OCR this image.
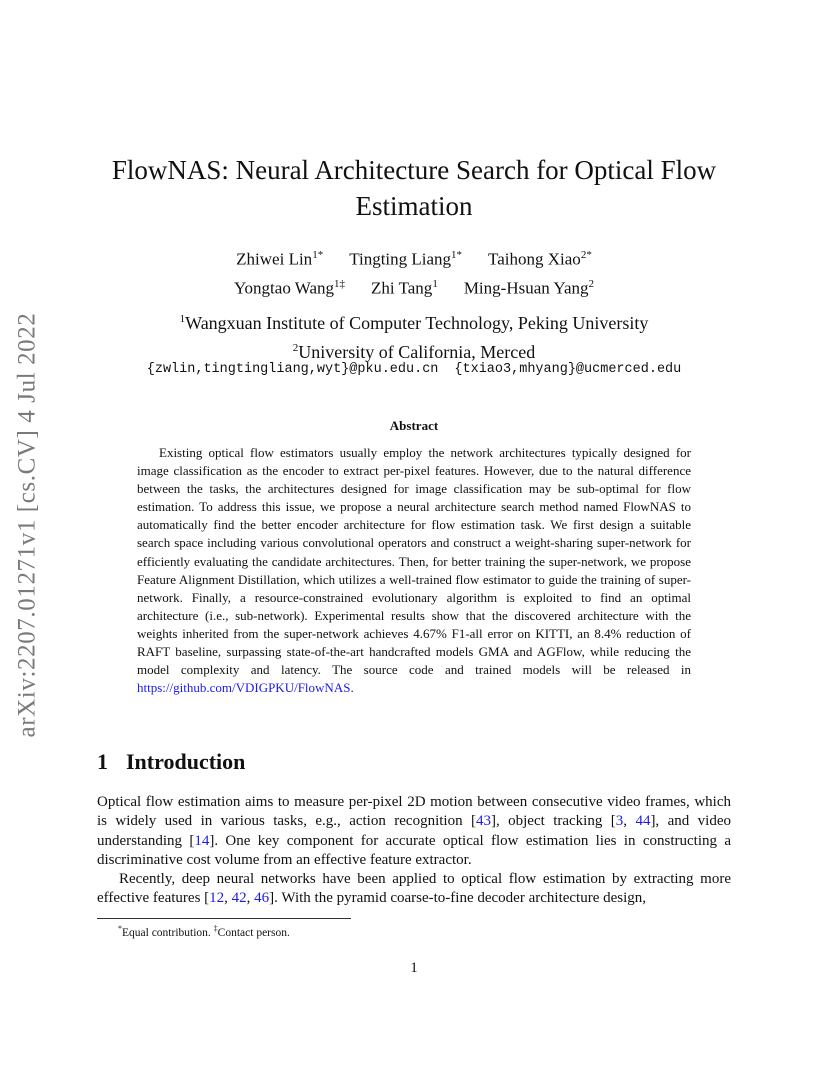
arXiv:2207.01271v1 [cs.CV] 4 Jul 2022
FlowNAS: Neural Architecture Search for Optical Flow Estimation
Zhiwei Lin$^{1*}$ Tingting Liang$^{1*}$ Taihong Xiao$^{2*}$
Yongtao Wang$^{1\ddagger}$ Zhi Tang$^1$ Ming-Hsuan Yang$^2$
$^1$Wangxuan Institute of Computer Technology, Peking University
$^2$University of California, Merced
{zwlin,tingtingliang,wyt}@pku.edu.cn {txiao3,mhyang}@ucmerced.edu
Abstract

Existing optical flow estimators usually employ the network architectures typically designed for image classification as the encoder to extract per-pixel features. However, due to the natural difference between the tasks, the architectures designed for image classification may be sub-optimal for flow estimation. To address this issue, we propose a neural architecture search method named FlowNAS to automatically find the better encoder architecture for flow estimation task. We first design a suitable search space including various convolutional operators and construct a weight-sharing super-network for efficiently evaluating the candidate architectures. Then, for better training the super-network, we propose Feature Alignment Distillation, which utilizes a well-trained flow estimator to guide the training of super-network. Finally, a resource-constrained evolutionary algorithm is exploited to find an optimal architecture (i.e., sub-network). Experimental results show that the discovered architecture with the weights inherited from the super-network achieves 4.67% F1-all error on KITTI, an 8.4% reduction of RAFT baseline, surpassing state-of-the-art handcrafted models GMA and AGFlow, while reducing the model complexity and latency. The source code and trained models will be released in https://github.com/VDIGPKU/FlowNAS.

1 Introduction

Optical flow estimation aims to measure per-pixel 2D motion between consecutive video frames, which is widely used in various tasks, e.g., action recognition [43], object tracking [3, 44], and video understanding [14]. One key component for accurate optical flow estimation lies in constructing a discriminative cost volume from an effective feature extractor.

Recently, deep neural networks have been applied to optical flow estimation by extracting more effective features [12, 42, 46]. With the pyramid coarse-to-fine decoder architecture design,

*Equal contribution. ‡Contact person.
1
